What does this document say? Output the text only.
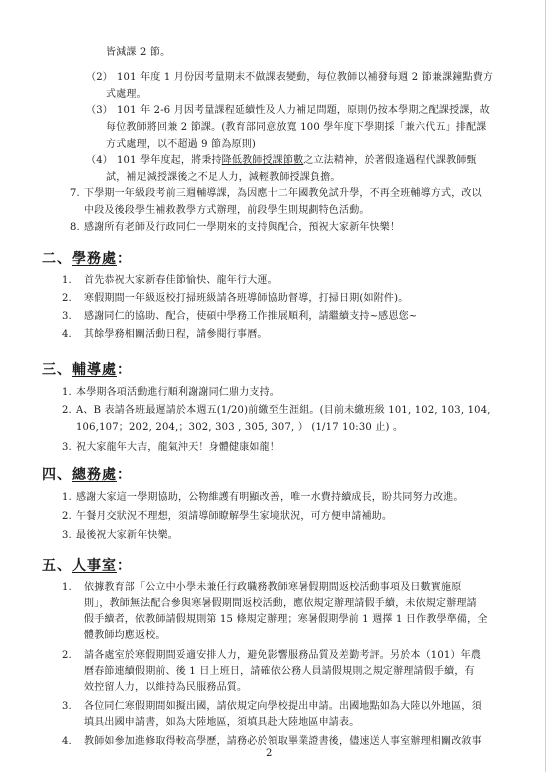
皆減課 2 節。
（2） 101 年度 1 月份因考量期末不做課表變動，每位教師以補發每週 2 節兼課鐘點費方
式處理。
（3） 101 年 2-6 月因考量課程延續性及人力補足問題，原則仍按本學期之配課授課，故
每位教師將回兼 2 節課。(教育部同意放寬 100 學年度下學期採「兼六代五」排配課
方式處理，以不超過 9 節為原則)
（4） 101 學年度起，將秉持降低教師授課節數之立法精神，於著假逢過程代課教師甄
試，補足減授課後之不足人力，減輕教師授課負擔。
7. 下學期一年級段考前三週輔導課，為因應十二年國教免試升學，不再全班輔導方式，改以
中段及後段學生補救教學方式辦理，前段學生則規劃特色活動。
8. 感謝所有老師及行政同仁一學期來的支持與配合，預祝大家新年快樂！
二、學務處：
1. 首先恭祝大家新春佳節愉快、龍年行大運。
2. 寒假期間一年級返校打掃班級請各班導師協助督導，打掃日期(如附件)。
3. 感謝同仁的協助、配合，使碩中學務工作推展順利，請繼續支持~感恩您~
4. 其餘學務相關活動日程，請參閱行事曆。
三、輔導處：
1. 本學期各項活動進行順利謝謝同仁鼎力支持。
2. A、B 表請各班最遲請於本週五(1/20)前繳至生涯組。(目前未繳班級 101, 102, 103, 104,
106,107；202, 204,；302, 303 , 305, 307, ） (1/17 10:30 止) 。
3. 祝大家龍年大吉，龍氣沖天！身體健康如龍！
四、總務處：
1. 感謝大家這一學期協助，公物維護有明顯改善，唯一水費持續成長，盼共同努力改進。
2. 午餐月交狀況不理想，須請導師瞭解學生家境狀況，可方便申請補助。
3. 最後祝大家新年快樂。
五、人事室：
1. 依據教育部「公立中小學未兼任行政職務教師寒暑假期間返校活動事項及日數實施原
則」，教師無法配合參與寒暑假期間返校活動，應依規定辦理請假手續，未依規定辦理請
假手續者，依教師請假規則第 15 條規定辦理；寒暑假期學前 1 週擇 1 日作教學準備，全
體教師均應返校。
2. 請各處室於寒假期間妥適安排人力，避免影響服務品質及差勤考評。另於本（101）年農
曆春節連續假期前、後 1 日上班日，請確依公務人員請假規則之規定辦理請假手續，有
效控留人力，以維持為民服務品質。
3. 各位同仁寒假期間如擬出國，請依規定向學校提出申請。出國地點如為大陸以外地區，須
填具出國申請書，如為大陸地區，須填具赴大陸地區申請表。
4. 教師如參加進修取得較高學歷，請務必於領取畢業證書後，儘速送人事室辦理相關改敘事
2
